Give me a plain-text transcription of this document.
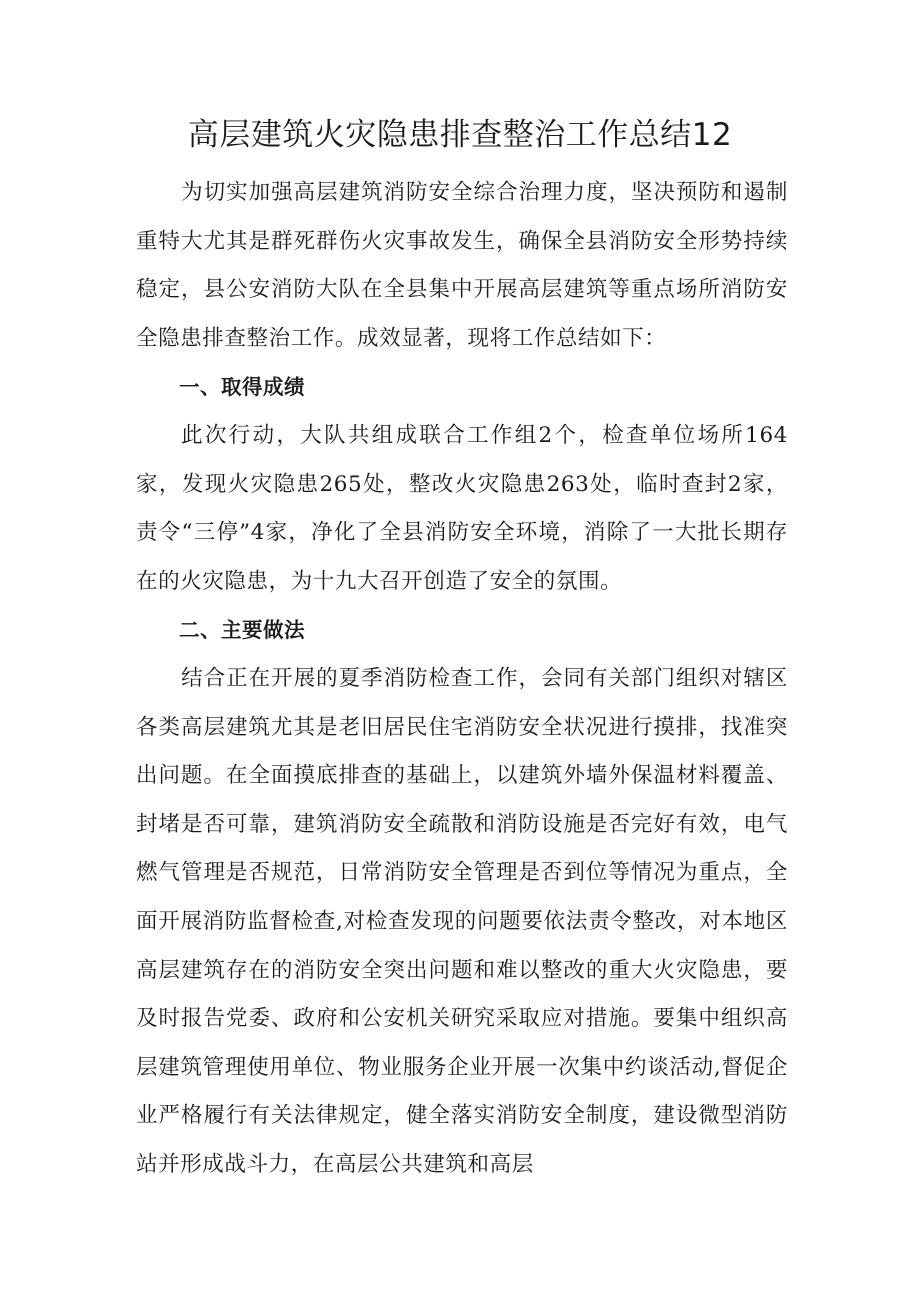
高层建筑火灾隐患排查整治工作总结12

为切实加强高层建筑消防安全综合治理力度，坚决预防和遏制重特大尤其是群死群伤火灾事故发生，确保全县消防安全形势持续稳定，县公安消防大队在全县集中开展高层建筑等重点场所消防安全隐患排查整治工作。成效显著，现将工作总结如下：

一、取得成绩

此次行动，大队共组成联合工作组2个，检查单位场所164家，发现火灾隐患265处，整改火灾隐患263处，临时查封2家，责令“三停”4家，净化了全县消防安全环境，消除了一大批长期存在的火灾隐患，为十九大召开创造了安全的氛围。

二、主要做法

结合正在开展的夏季消防检查工作，会同有关部门组织对辖区各类高层建筑尤其是老旧居民住宅消防安全状况进行摸排，找准突出问题。在全面摸底排查的基础上，以建筑外墙外保温材料覆盖、封堵是否可靠，建筑消防安全疏散和消防设施是否完好有效，电气燃气管理是否规范，日常消防安全管理是否到位等情况为重点，全面开展消防监督检查,对检查发现的问题要依法责令整改，对本地区高层建筑存在的消防安全突出问题和难以整改的重大火灾隐患，要及时报告党委、政府和公安机关研究采取应对措施。要集中组织高层建筑管理使用单位、物业服务企业开展一次集中约谈活动,督促企业严格履行有关法律规定，健全落实消防安全制度，建设微型消防站并形成战斗力，在高层公共建筑和高层
